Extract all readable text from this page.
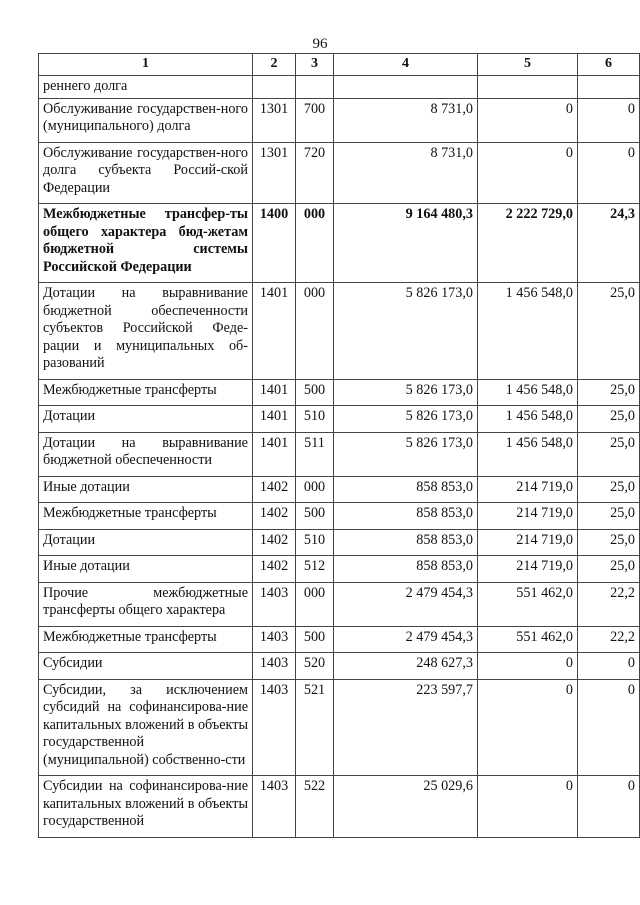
96
1	2	3	4	5	6
реннего долга					
Обслуживание государствен-ного (муниципального) долга	1301	700	8 731,0	0	0
Обслуживание государствен-ного долга субъекта Россий-ской Федерации	1301	720	8 731,0	0	0
Межбюджетные трансфер-ты общего характера бюд-жетам бюджетной системы Российской Федерации	1400	000	9 164 480,3	2 222 729,0	24,3
Дотации на выравнивание бюджетной обеспеченности субъектов Российской Феде-рации и муниципальных об-разований	1401	000	5 826 173,0	1 456 548,0	25,0
Межбюджетные трансферты	1401	500	5 826 173,0	1 456 548,0	25,0
Дотации	1401	510	5 826 173,0	1 456 548,0	25,0
Дотации на выравнивание бюджетной обеспеченности	1401	511	5 826 173,0	1 456 548,0	25,0
Иные дотации	1402	000	858 853,0	214 719,0	25,0
Межбюджетные трансферты	1402	500	858 853,0	214 719,0	25,0
Дотации	1402	510	858 853,0	214 719,0	25,0
Иные дотации	1402	512	858 853,0	214 719,0	25,0
Прочие межбюджетные трансферты общего характера	1403	000	2 479 454,3	551 462,0	22,2
Межбюджетные трансферты	1403	500	2 479 454,3	551 462,0	22,2
Субсидии	1403	520	248 627,3	0	0
Субсидии, за исключением субсидий на софинансирова-ние капитальных вложений в объекты государственной (муниципальной) собственно-сти	1403	521	223 597,7	0	0
Субсидии на софинансирова-ние капитальных вложений в объекты государственной	1403	522	25 029,6	0	0
